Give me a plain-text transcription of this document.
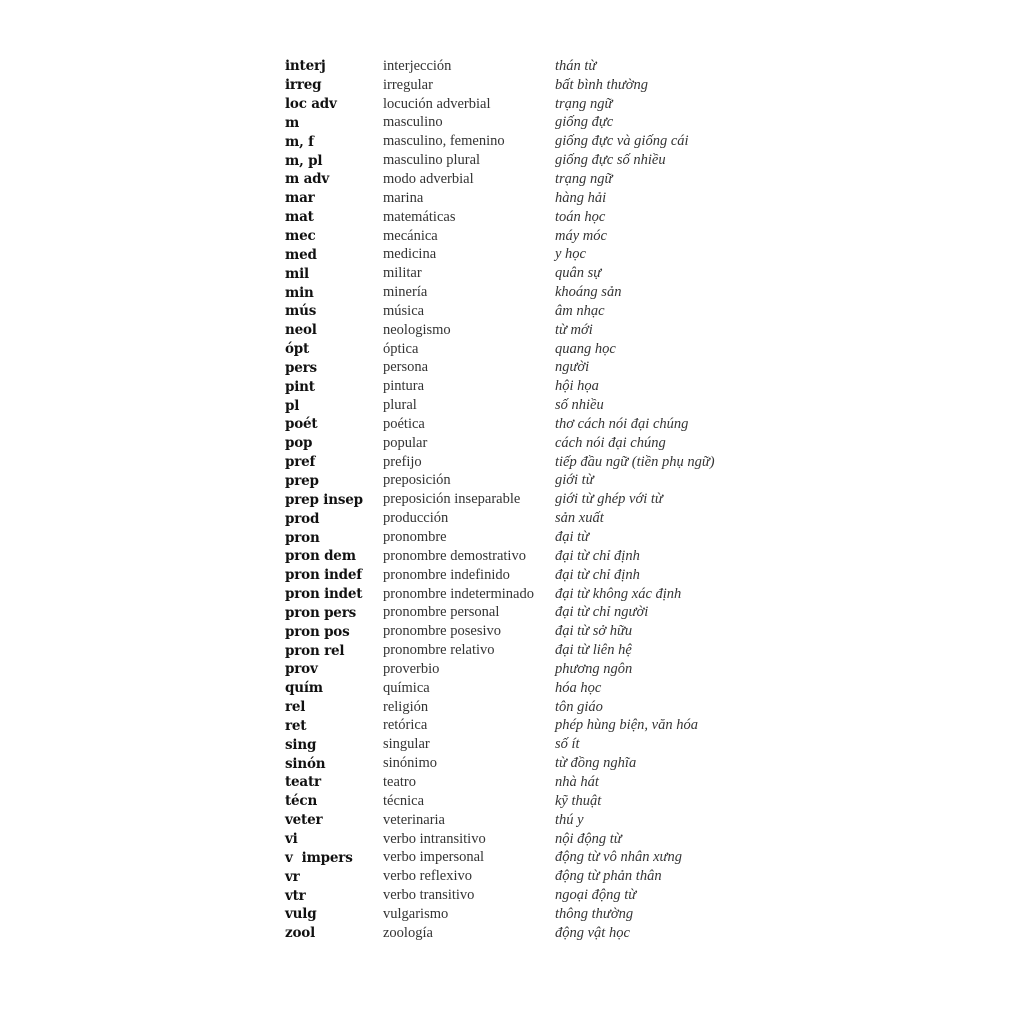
interj	interjección	thán từ
irreg	irregular	bất bình thường
loc adv	locución adverbial	trạng ngữ
m	masculino	giống đực
m, f	masculino, femenino	giống đực và giống cái
m, pl	masculino plural	giống đực số nhiều
m adv	modo adverbial	trạng ngữ
mar	marina	hàng hải
mat	matemáticas	toán học
mec	mecánica	máy móc
med	medicina	y học
mil	militar	quân sự
min	minería	khoáng sản
mús	música	âm nhạc
neol	neologismo	từ mới
ópt	óptica	quang học
pers	persona	người
pint	pintura	hội họa
pl	plural	số nhiều
poét	poética	thơ cách nói đại chúng
pop	popular	cách nói đại chúng
pref	prefijo	tiếp đầu ngữ (tiền phụ ngữ)
prep	preposición	giới từ
prep insep	preposición inseparable	giới từ ghép với từ
prod	producción	sản xuất
pron	pronombre	đại từ
pron dem	pronombre demostrativo	đại từ chỉ định
pron indef	pronombre indefinido	đại từ chỉ định
pron indet	pronombre indeterminado	đại từ không xác định
pron pers	pronombre personal	đại từ chỉ người
pron pos	pronombre posesivo	đại từ sở hữu
pron rel	pronombre relativo	đại từ liên hệ
prov	proverbio	phương ngôn
quím	química	hóa học
rel	religión	tôn giáo
ret	retórica	phép hùng biện, văn hóa
sing	singular	số ít
sinón	sinónimo	từ đồng nghĩa
teatr	teatro	nhà hát
técn	técnica	kỹ thuật
veter	veterinaria	thú y
vi	verbo intransitivo	nội động từ
v  impers	verbo impersonal	động từ vô nhân xưng
vr	verbo reflexivo	động từ phản thân
vtr	verbo transitivo	ngoại động từ
vulg	vulgarismo	thông thường
zool	zoología	động vật học
